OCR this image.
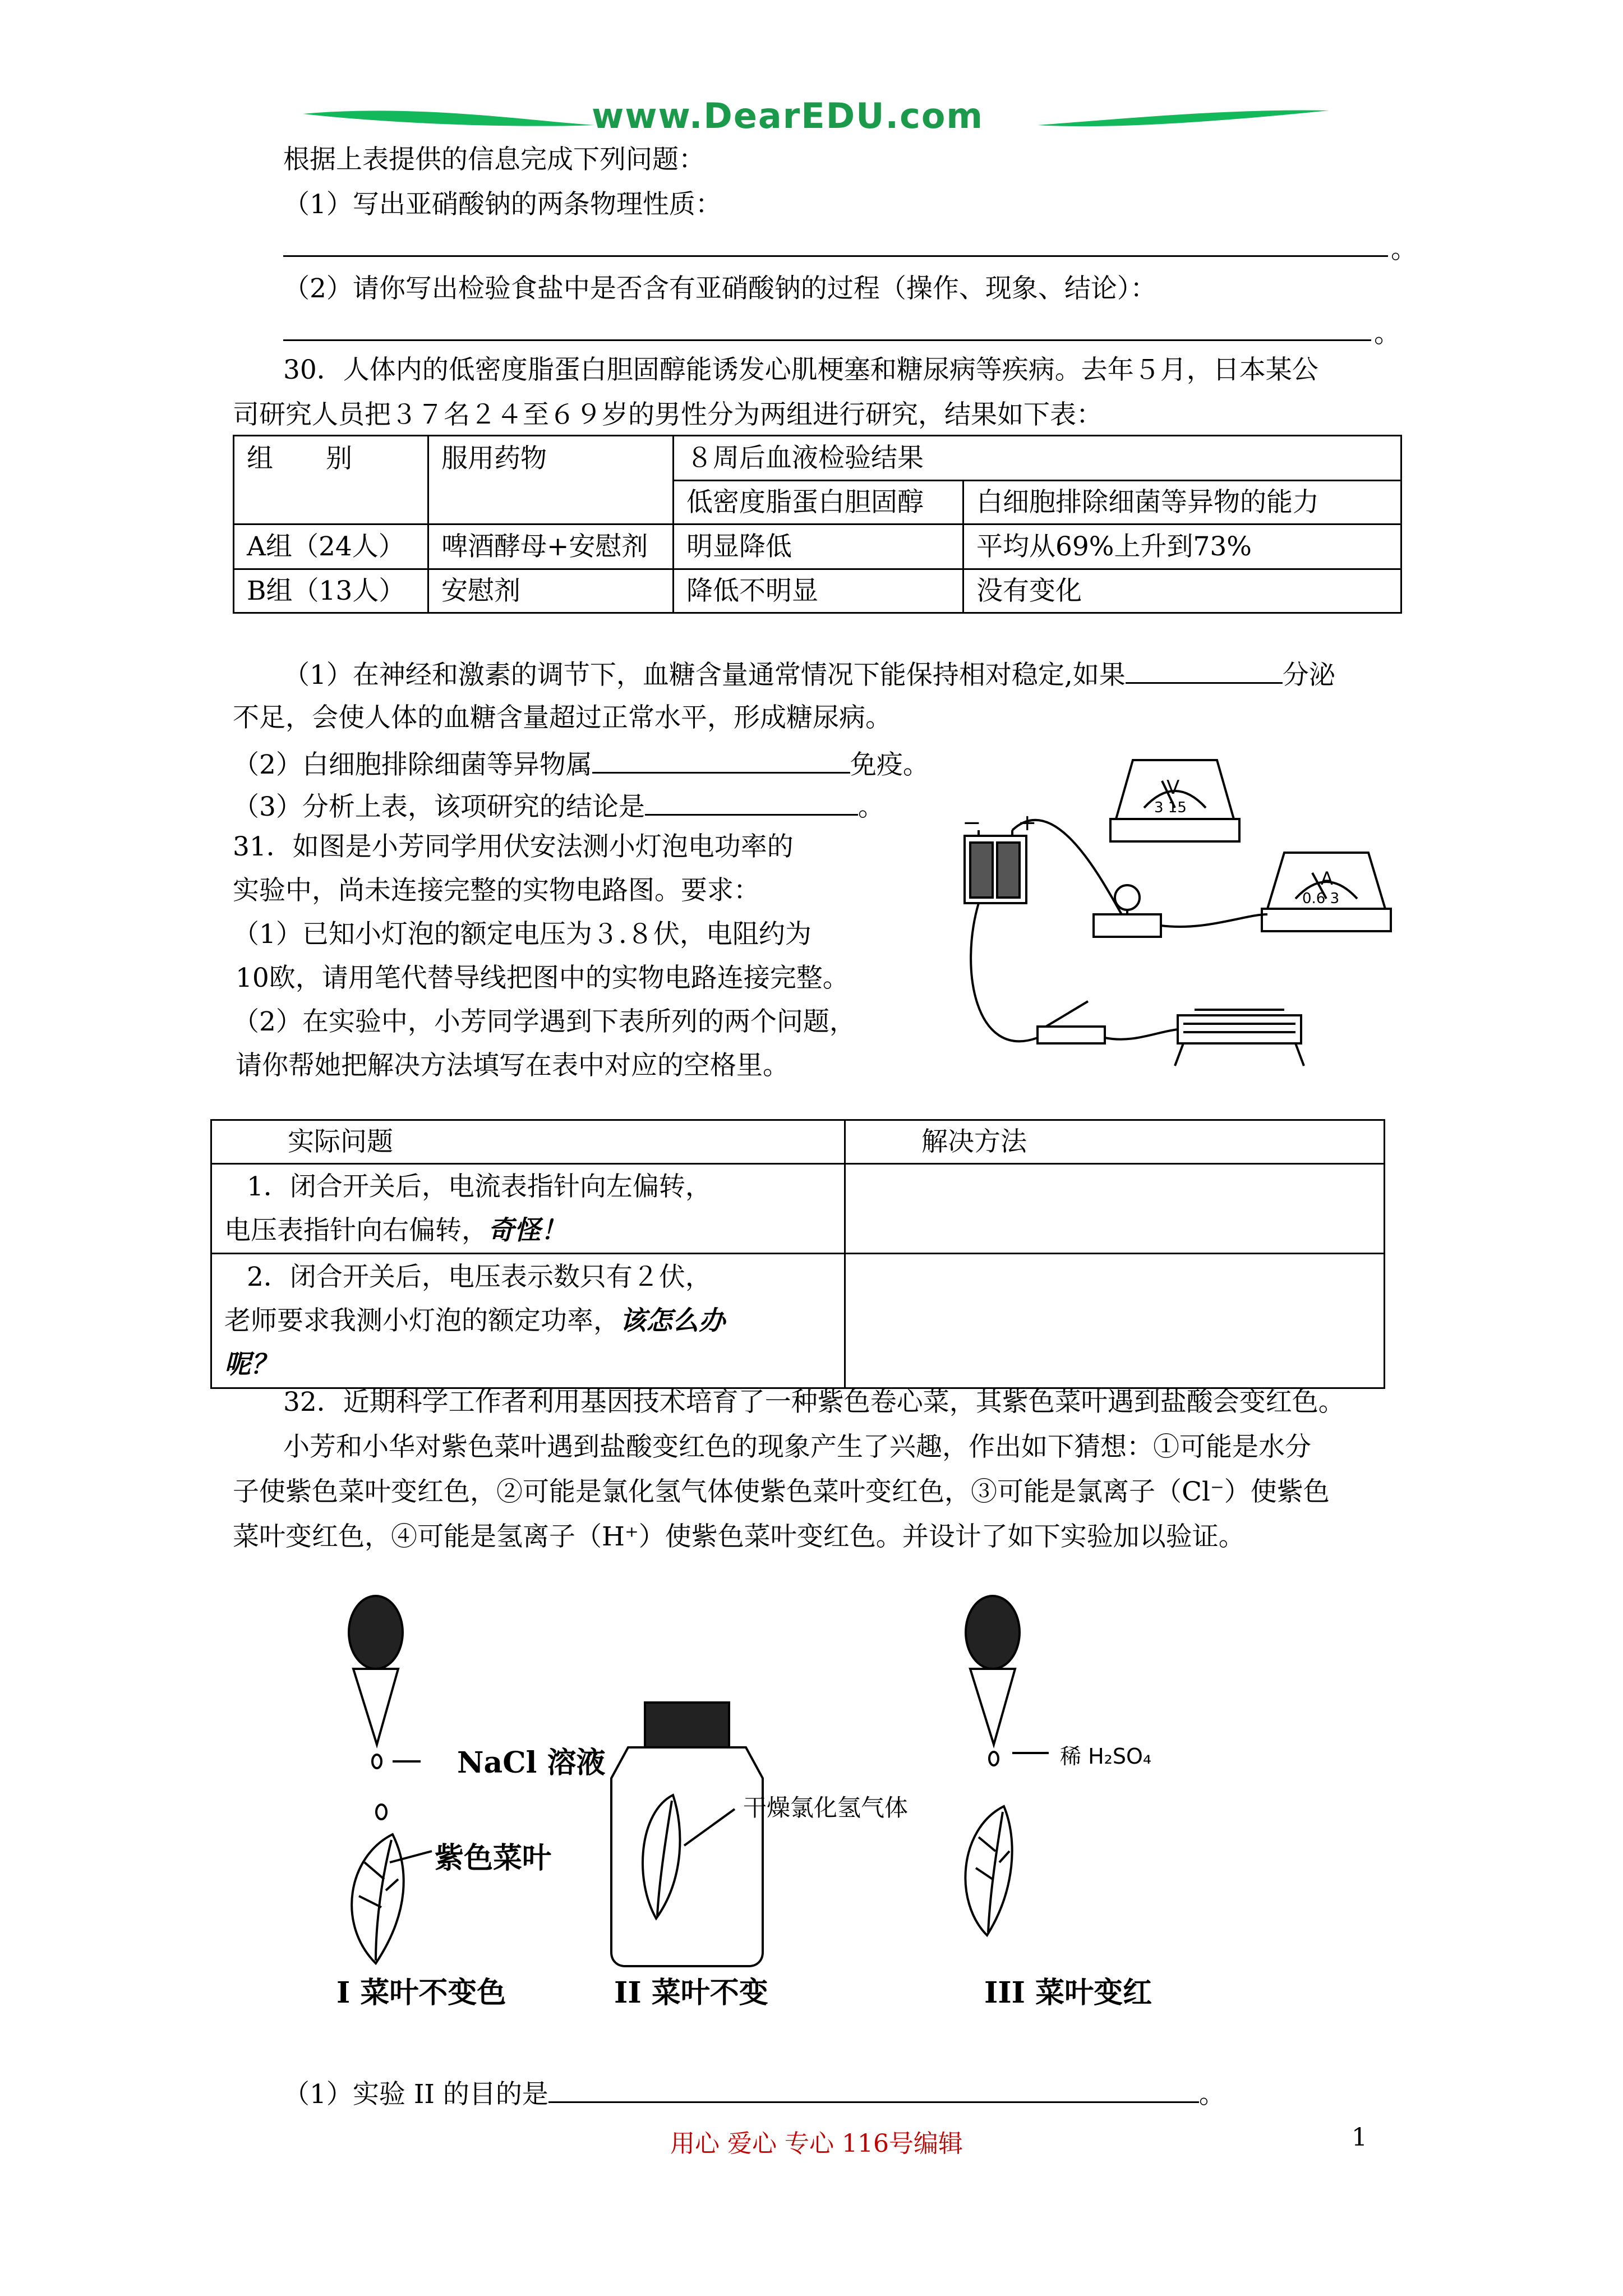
www.DearEDU.com
根据上表提供的信息完成下列问题：
（1）写出亚硝酸钠的两条物理性质：
。
（2）请你写出检验食盐中是否含有亚硝酸钠的过程（操作、现象、结论）：
。
30．人体内的低密度脂蛋白胆固醇能诱发心肌梗塞和糖尿病等疾病。去年５月，日本某公
司研究人员把３７名２４至６９岁的男性分为两组进行研究，结果如下表：
组　　别	服用药物	８周后血液检验结果	
		低密度脂蛋白胆固醇	白细胞排除细菌等异物的能力
A组（24人）	啤酒酵母+安慰剂	明显降低	平均从69%上升到73%
B组（13人）	安慰剂	降低不明显	没有变化
（1）在神经和激素的调节下，血糖含量通常情况下能保持相对稳定,如果	分泌
不足，会使人体的血糖含量超过正常水平，形成糖尿病。
（2）白细胞排除细菌等异物属	免疫。
（3）分析上表，该项研究的结论是	。
31．如图是小芳同学用伏安法测小灯泡电功率的
实验中，尚未连接完整的实物电路图。要求：
（1）已知小灯泡的额定电压为３.８伏，电阻约为
10欧，请用笔代替导线把图中的实物电路连接完整。
（2）在实验中，小芳同学遇到下表所列的两个问题，
请你帮她把解决方法填写在表中对应的空格里。
− +
V
3 15
A
0.6 3
实际问题	解决方法
1．闭合开关后，电流表指针向左偏转，
电压表指针向右偏转，奇怪！	
2．闭合开关后，电压表示数只有２伏，
老师要求我测小灯泡的额定功率，该怎么办
呢？	
32．近期科学工作者利用基因技术培育了一种紫色卷心菜，其紫色菜叶遇到盐酸会变红色。
小芳和小华对紫色菜叶遇到盐酸变红色的现象产生了兴趣，作出如下猜想：①可能是水分
子使紫色菜叶变红色，②可能是氯化氢气体使紫色菜叶变红色，③可能是氯离子（Cl⁻）使紫色
菜叶变红色，④可能是氢离子（H⁺）使紫色菜叶变红色。并设计了如下实验加以验证。
NaCl 溶液
紫色菜叶
干燥氯化氢气体
稀 H₂SO₄
I 菜叶不变色	II 菜叶不变	III 菜叶变红
（1）实验 II 的目的是	。
用心 爱心 专心 116号编辑	1
